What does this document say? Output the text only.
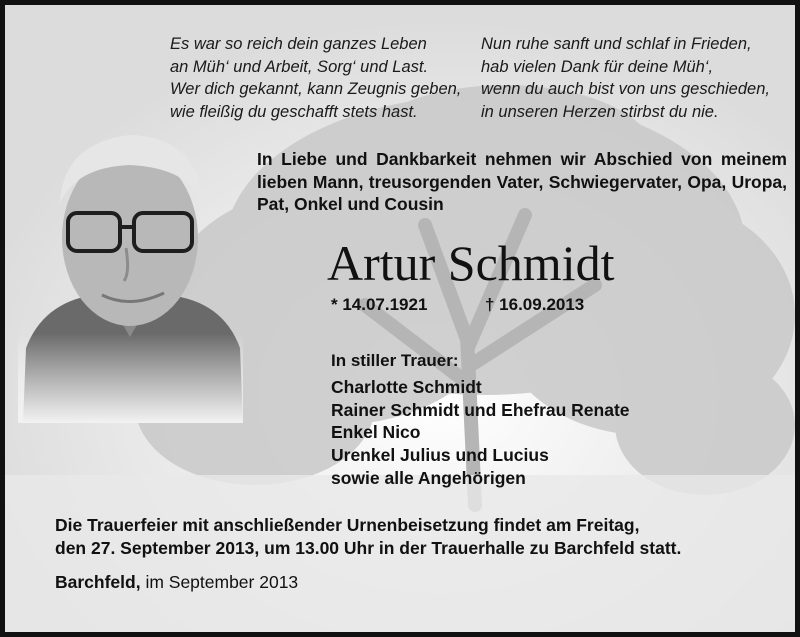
Es war so reich dein ganzes Leben
an Müh‘ und Arbeit, Sorg‘ und Last.
Wer dich gekannt, kann Zeugnis geben,
wie fleißig du geschafft stets hast.
Nun ruhe sanft und schlaf in Frieden,
hab vielen Dank für deine Müh‘,
wenn du auch bist von uns geschieden,
in unseren Herzen stirbst du nie.

In Liebe und Dankbarkeit nehmen wir Abschied von meinem lieben Mann, treusorgenden Vater, Schwiegervater, Opa, Uropa, Pat, Onkel und Cousin

Artur Schmidt
* 14.07.1921	† 16.09.2013
In stiller Trauer:
Charlotte Schmidt
Rainer Schmidt und Ehefrau Renate
Enkel Nico
Urenkel Julius und Lucius
sowie alle Angehörigen
Die Trauerfeier mit anschließender Urnenbeisetzung findet am Freitag,
den 27. September 2013, um 13.00 Uhr in der Trauerhalle zu Barchfeld statt.
Barchfeld, im September 2013
